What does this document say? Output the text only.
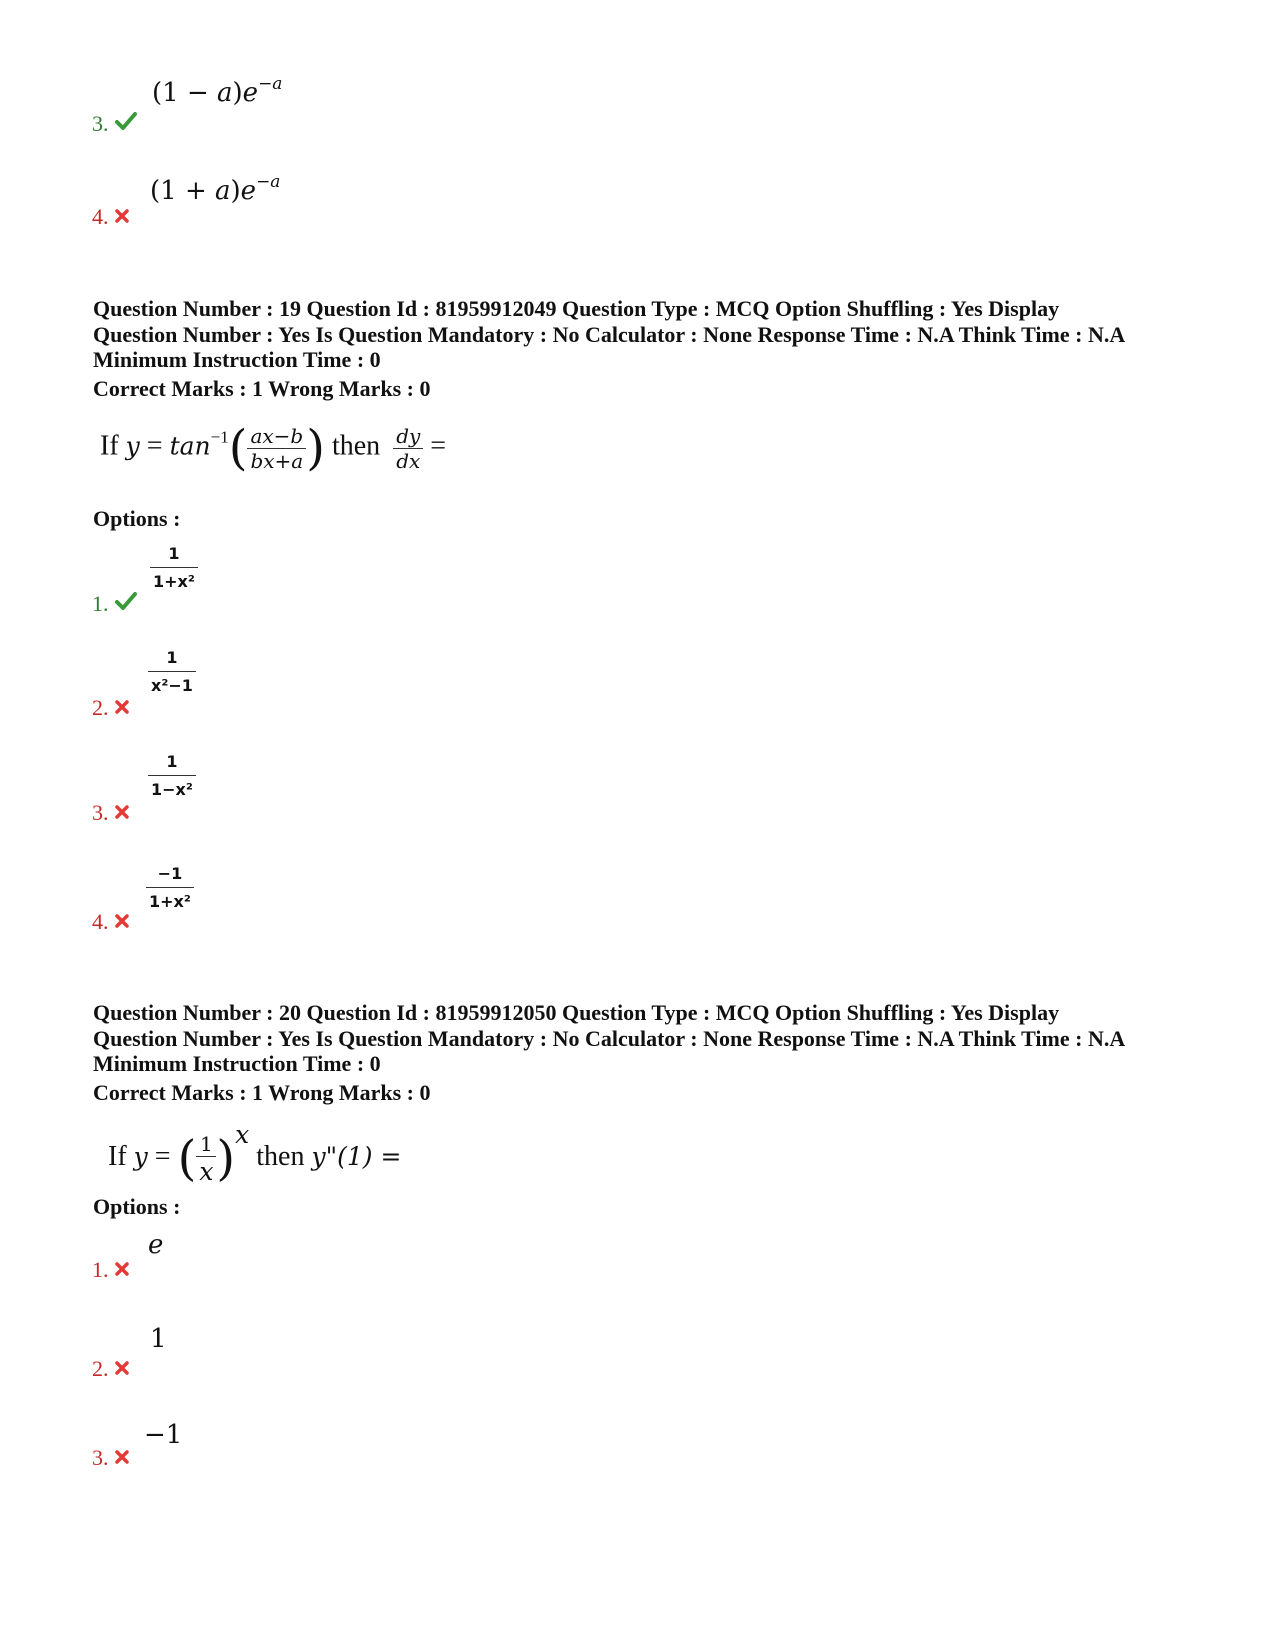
$(1 - a)e^{-a}$
3.
$(1 + a)e^{-a}$
4.
Question Number : 19 Question Id : 81959912049 Question Type : MCQ Option Shuffling : Yes Display
Question Number : Yes Is Question Mandatory : No Calculator : None Response Time : N.A Think Time : N.A
Minimum Instruction Time : 0
Correct Marks : 1 Wrong Marks : 0
If $y = \tan^{-1}( \frac{ax-b}{bx+a}$ ) then $\frac{dy}{dx}$ =
Options :
$\frac{1}{\text{1+x²}}$
1.
$\frac{1}{\text{x²−1}}$
2.
$\frac{1}{\text{1−x²}}$
3.
$\frac{-1}{\text{1+x²}}$
4.
Question Number : 20 Question Id : 81959912050 Question Type : MCQ Option Shuffling : Yes Display
Question Number : Yes Is Question Mandatory : No Calculator : None Response Time : N.A Think Time : N.A
Minimum Instruction Time : 0
Correct Marks : 1 Wrong Marks : 0
If y = ( $\frac{1}{x} )x$ then y"(1) =
Options :
e
1.
1
2.
−1
3.
